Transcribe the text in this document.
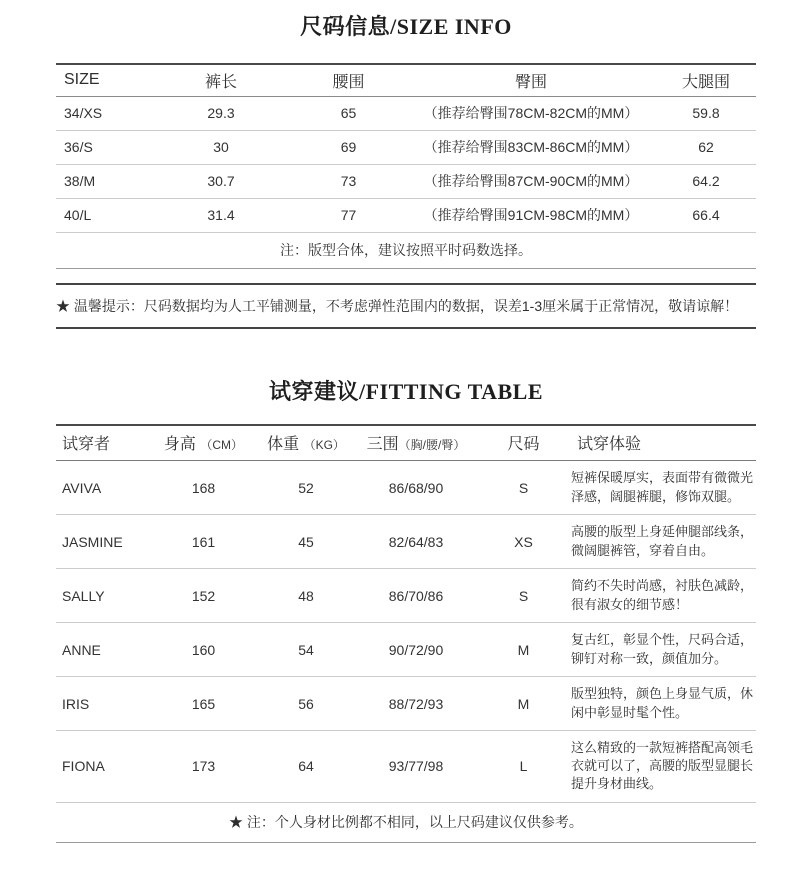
尺码信息/SIZE INFO
SIZE	裤长	腰围	臀围	大腿围
34/XS	29.3	65	（推荐给臀围78CM-82CM的MM）	59.8
36/S	30	69	（推荐给臀围83CM-86CM的MM）	62
38/M	30.7	73	（推荐给臀围87CM-90CM的MM）	64.2
40/L	31.4	77	（推荐给臀围91CM-98CM的MM）	66.4
注：版型合体，建议按照平时码数选择。				
★ 温馨提示：尺码数据均为人工平铺测量，不考虑弹性范围内的数据，误差1-3厘米属于正常情况，敬请谅解！
试穿建议/FITTING TABLE
试穿者	身高 （CM）	体重 （KG）	三围（胸/腰/臀）	尺码	试穿体验
AVIVA	168	52	86/68/90	S	短裤保暖厚实，表面带有微微光泽感，阔腿裤腿，修饰双腿。
JASMINE	161	45	82/64/83	XS	高腰的版型上身延伸腿部线条，微阔腿裤管，穿着自由。
SALLY	152	48	86/70/86	S	简约不失时尚感，衬肤色减龄，很有淑女的细节感！
ANNE	160	54	90/72/90	M	复古红，彰显个性，尺码合适，铆钉对称一致，颜值加分。
IRIS	165	56	88/72/93	M	版型独特，颜色上身显气质，休闲中彰显时髦个性。
FIONA	173	64	93/77/98	L	这么精致的一款短裤搭配高领毛衣就可以了，高腰的版型显腿长提升身材曲线。
★ 注：个人身材比例都不相同，以上尺码建议仅供参考。					
